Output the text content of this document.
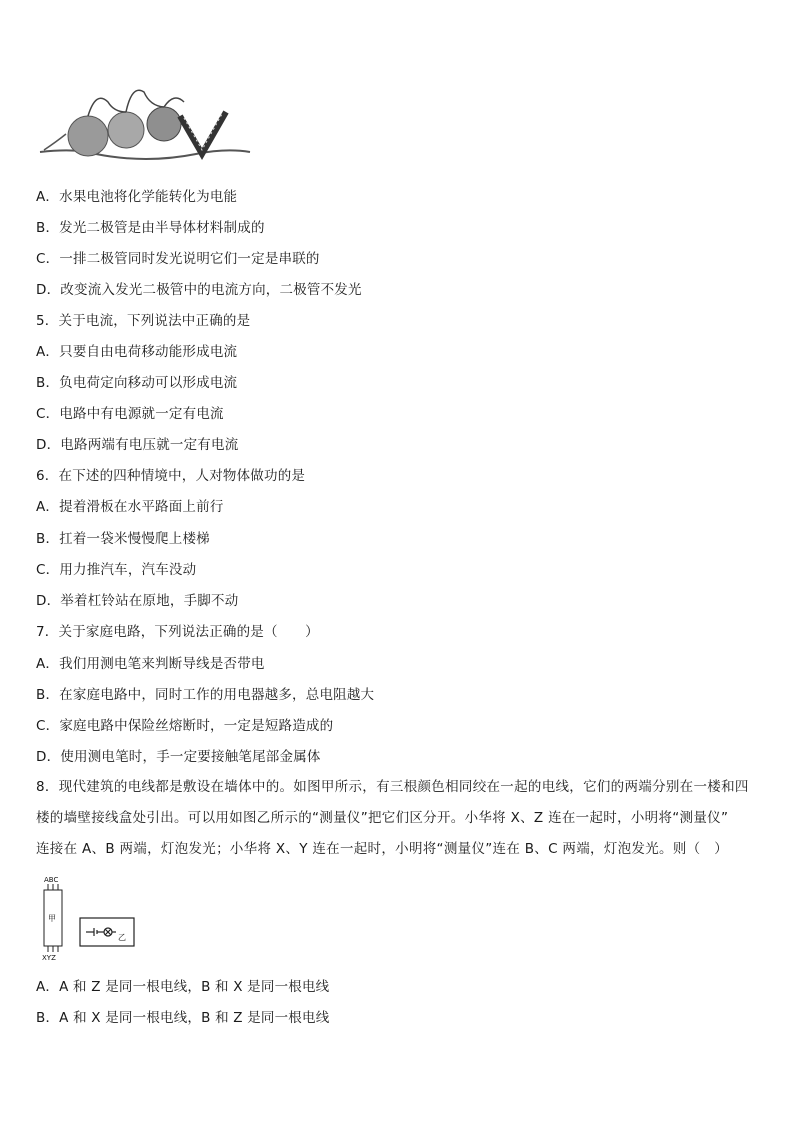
A．水果电池将化学能转化为电能
B．发光二极管是由半导体材料制成的
C．一排二极管同时发光说明它们一定是串联的
D．改变流入发光二极管中的电流方向，二极管不发光
5．关于电流，下列说法中正确的是
A．只要自由电荷移动能形成电流
B．负电荷定向移动可以形成电流
C．电路中有电源就一定有电流
D．电路两端有电压就一定有电流
6．在下述的四种情境中，人对物体做功的是
A．提着滑板在水平路面上前行
B．扛着一袋米慢慢爬上楼梯
C．用力推汽车，汽车没动
D．举着杠铃站在原地，手脚不动
7．关于家庭电路，下列说法正确的是（　　）
A．我们用测电笔来判断导线是否带电
B．在家庭电路中，同时工作的用电器越多，总电阻越大
C．家庭电路中保险丝熔断时，一定是短路造成的
D．使用测电笔时，手一定要接触笔尾部金属体
8．现代建筑的电线都是敷设在墙体中的。如图甲所示，有三根颜色相同绞在一起的电线，它们的两端分别在一楼和四
楼的墙壁接线盒处引出。可以用如图乙所示的“测量仪”把它们区分开。小华将 X、Z 连在一起时，小明将“测量仪”
连接在 A、B 两端，灯泡发光；小华将 X、Y 连在一起时，小明将“测量仪”连在 B、C 两端，灯泡发光。则（　）
ABC
甲
XYZ
乙
A．A 和 Z 是同一根电线，B 和 X 是同一根电线
B．A 和 X 是同一根电线，B 和 Z 是同一根电线
